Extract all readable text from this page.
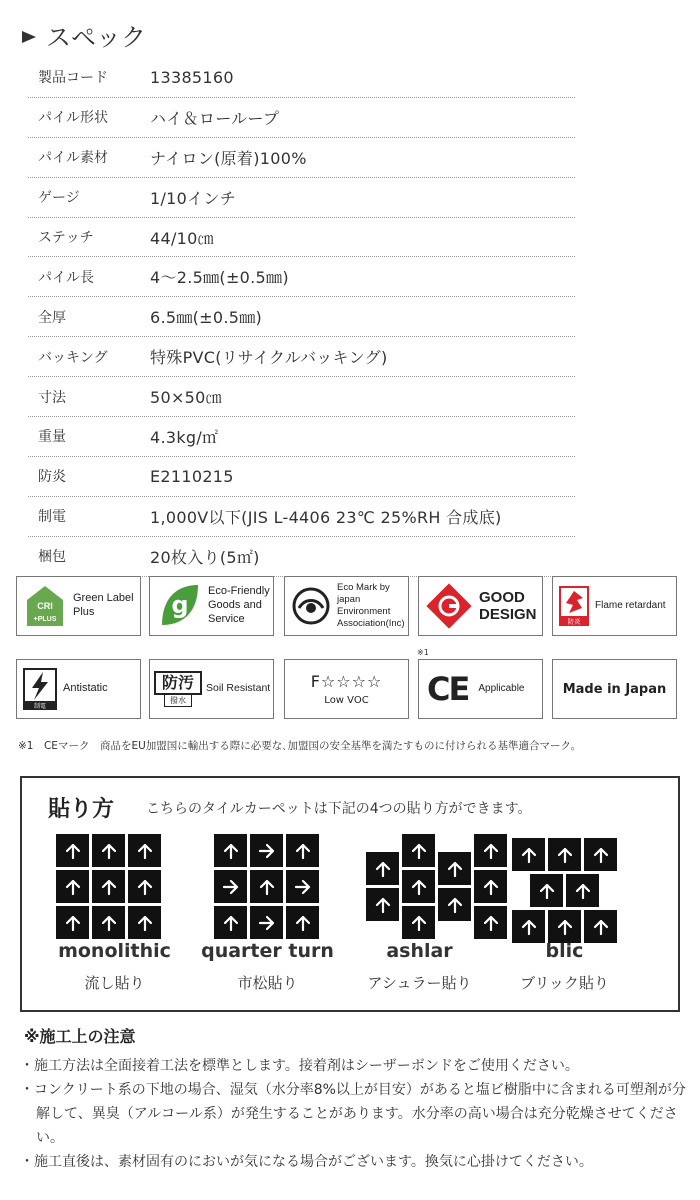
スペック
製品コード	13385160
パイル形状	ハイ＆ローループ
パイル素材	ナイロン(原着)100%
ゲージ	1/10インチ
ステッチ	44/10㎝
パイル長	4～2.5㎜(±0.5㎜)
全厚	6.5㎜(±0.5㎜)
バッキング	特殊PVC(リサイクルバッキング)
寸法	50×50㎝
重量	4.3kg/㎡
防炎	E2110215
制電	1,000V以下(JIS L-4406 23℃ 25%RH 合成底)
梱包	20枚入り(5㎡)
CRI
+PLUS
Green Label
Plus	g Eco-Friendly
Goods and
Service
Eco Mark by japan
Environment
Association(Inc)
GOOD
DESIGN	防炎
Flame retardant
制電
Antistatic	防汚
撥水
Soil Resistant	F☆☆☆☆
Low VOC
※1
CE Applicable	Made in Japan
※1　CEマーク　商品をEU加盟国に輸出する際に必要な､加盟国の安全基準を満たすものに付けられる基準適合マーク。
貼り方 こちらのタイルカーペットは下記の4つの貼り方ができます。
monolithic
流し貼り
quarter turn
市松貼り
ashlar
アシュラー貼り
blic
ブリック貼り
※施工上の注意
・施工方法は全面接着工法を標準とします。接着剤はシーザーボンドをご使用ください。
・コンクリート系の下地の場合、湿気（水分率8%以上が目安）があると塩ビ樹脂中に含まれる可塑剤が分解して、異臭（アルコール系）が発生することがあります。水分率の高い場合は充分乾燥させてください。
・施工直後は、素材固有のにおいが気になる場合がございます。換気に心掛けてください。
